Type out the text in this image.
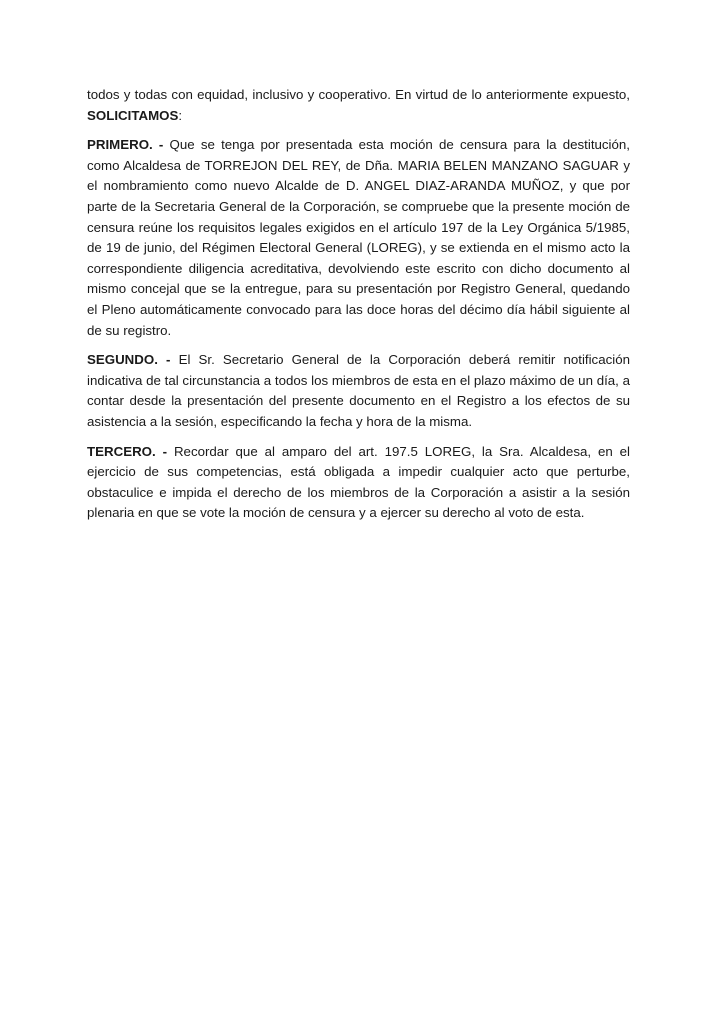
todos y todas con equidad, inclusivo y cooperativo. En virtud de lo anteriormente expuesto, SOLICITAMOS:

PRIMERO. - Que se tenga por presentada esta moción de censura para la destitución, como Alcaldesa de TORREJON DEL REY, de Dña. MARIA BELEN MANZANO SAGUAR y el nombramiento como nuevo Alcalde de D. ANGEL DIAZ-ARANDA MUÑOZ, y que por parte de la Secretaria General de la Corporación, se compruebe que la presente moción de censura reúne los requisitos legales exigidos en el artículo 197 de la Ley Orgánica 5/1985, de 19 de junio, del Régimen Electoral General (LOREG), y se extienda en el mismo acto la correspondiente diligencia acreditativa, devolviendo este escrito con dicho documento al mismo concejal que se la entregue, para su presentación por Registro General, quedando el Pleno automáticamente convocado para las doce horas del décimo día hábil siguiente al de su registro.

SEGUNDO. - El Sr. Secretario General de la Corporación deberá remitir notificación indicativa de tal circunstancia a todos los miembros de esta en el plazo máximo de un día, a contar desde la presentación del presente documento en el Registro a los efectos de su asistencia a la sesión, especificando la fecha y hora de la misma.

TERCERO. - Recordar que al amparo del art. 197.5 LOREG, la Sra. Alcaldesa, en el ejercicio de sus competencias, está obligada a impedir cualquier acto que perturbe, obstaculice e impida el derecho de los miembros de la Corporación a asistir a la sesión plenaria en que se vote la moción de censura y a ejercer su derecho al voto de esta.
